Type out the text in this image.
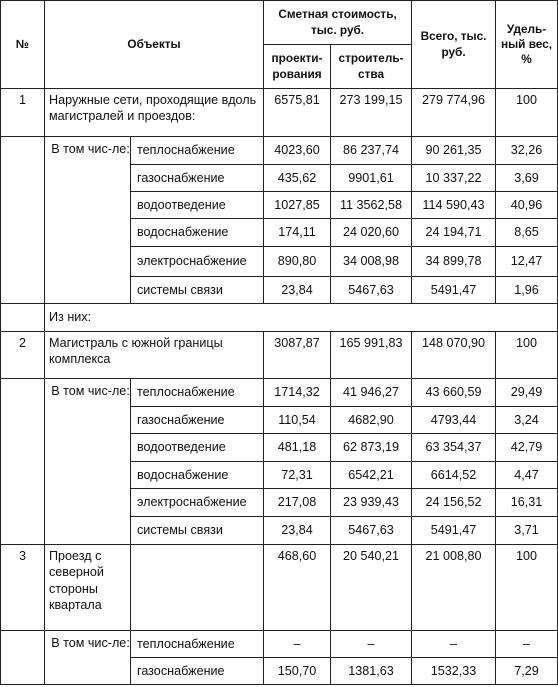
№	Объекты		Сметная стоимость, тыс. руб.		Всего, тыс. руб.	Удель-ный вес, %
			проекти-рования	строитель-ства		
1	Наружные сети, проходящие вдоль магистралей и проездов:		6575,81	273 199,15	279 774,96	100
	В том чис-ле:	теплоснабжение	4023,60	86 237,74	90 261,35	32,26
		газоснабжение	435,62	9901,61	10 337,22	3,69
		водоотведение	1027,85	11 3562,58	114 590,43	40,96
		водоснабжение	174,11	24 020,60	24 194,71	8,65
		электроснабжение	890,80	34 008,98	34 899,78	12,47
		системы связи	23,84	5467,63	5491,47	1,96
	Из них:					
2	Магистраль с южной границы комплекса		3087,87	165 991,83	148 070,90	100
	В том чис-ле:	теплоснабжение	1714,32	41 946,27	43 660,59	29,49
		газоснабжение	110,54	4682,90	4793,44	3,24
		водоотведение	481,18	62 873,19	63 354,37	42,79
		водоснабжение	72,31	6542,21	6614,52	4,47
		электроснабжение	217,08	23 939,43	24 156,52	16,31
		системы связи	23,84	5467,63	5491,47	3,71
3	Проезд с северной стороны квартала		468,60	20 540,21	21 008,80	100
	В том чис-ле:	теплоснабжение	–	–	–	–
		газоснабжение	150,70	1381,63	1532,33	7,29
